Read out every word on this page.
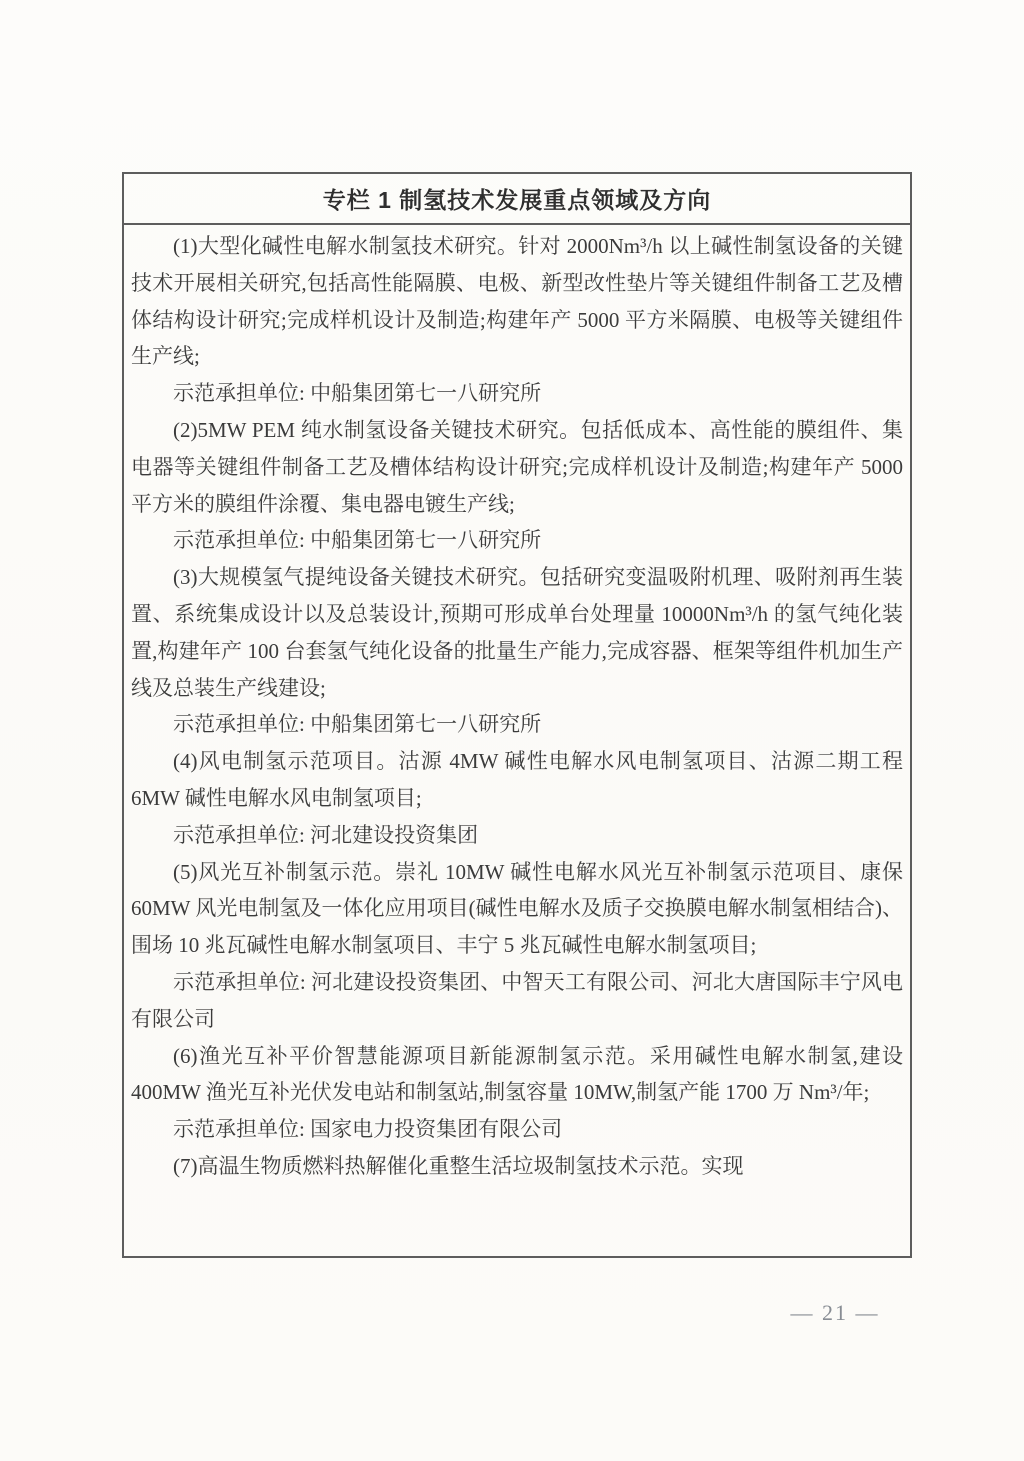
专栏 1 制氢技术发展重点领域及方向

(1)大型化碱性电解水制氢技术研究。针对 2000Nm³/h 以上碱性制氢设备的关键技术开展相关研究,包括高性能隔膜、电极、新型改性垫片等关键组件制备工艺及槽体结构设计研究;完成样机设计及制造;构建年产 5000 平方米隔膜、电极等关键组件生产线;

示范承担单位: 中船集团第七一八研究所

(2)5MW PEM 纯水制氢设备关键技术研究。包括低成本、高性能的膜组件、集电器等关键组件制备工艺及槽体结构设计研究;完成样机设计及制造;构建年产 5000 平方米的膜组件涂覆、集电器电镀生产线;

示范承担单位: 中船集团第七一八研究所

(3)大规模氢气提纯设备关键技术研究。包括研究变温吸附机理、吸附剂再生装置、系统集成设计以及总装设计,预期可形成单台处理量 10000Nm³/h 的氢气纯化装置,构建年产 100 台套氢气纯化设备的批量生产能力,完成容器、框架等组件机加生产线及总装生产线建设;

示范承担单位: 中船集团第七一八研究所

(4)风电制氢示范项目。沽源 4MW 碱性电解水风电制氢项目、沽源二期工程 6MW 碱性电解水风电制氢项目;

示范承担单位: 河北建设投资集团

(5)风光互补制氢示范。崇礼 10MW 碱性电解水风光互补制氢示范项目、康保 60MW 风光电制氢及一体化应用项目(碱性电解水及质子交换膜电解水制氢相结合)、围场 10 兆瓦碱性电解水制氢项目、丰宁 5 兆瓦碱性电解水制氢项目;

示范承担单位: 河北建设投资集团、中智天工有限公司、河北大唐国际丰宁风电有限公司

(6)渔光互补平价智慧能源项目新能源制氢示范。采用碱性电解水制氢,建设 400MW 渔光互补光伏发电站和制氢站,制氢容量 10MW,制氢产能 1700 万 Nm³/年;

示范承担单位: 国家电力投资集团有限公司

(7)高温生物质燃料热解催化重整生活垃圾制氢技术示范。实现

— 21 —
